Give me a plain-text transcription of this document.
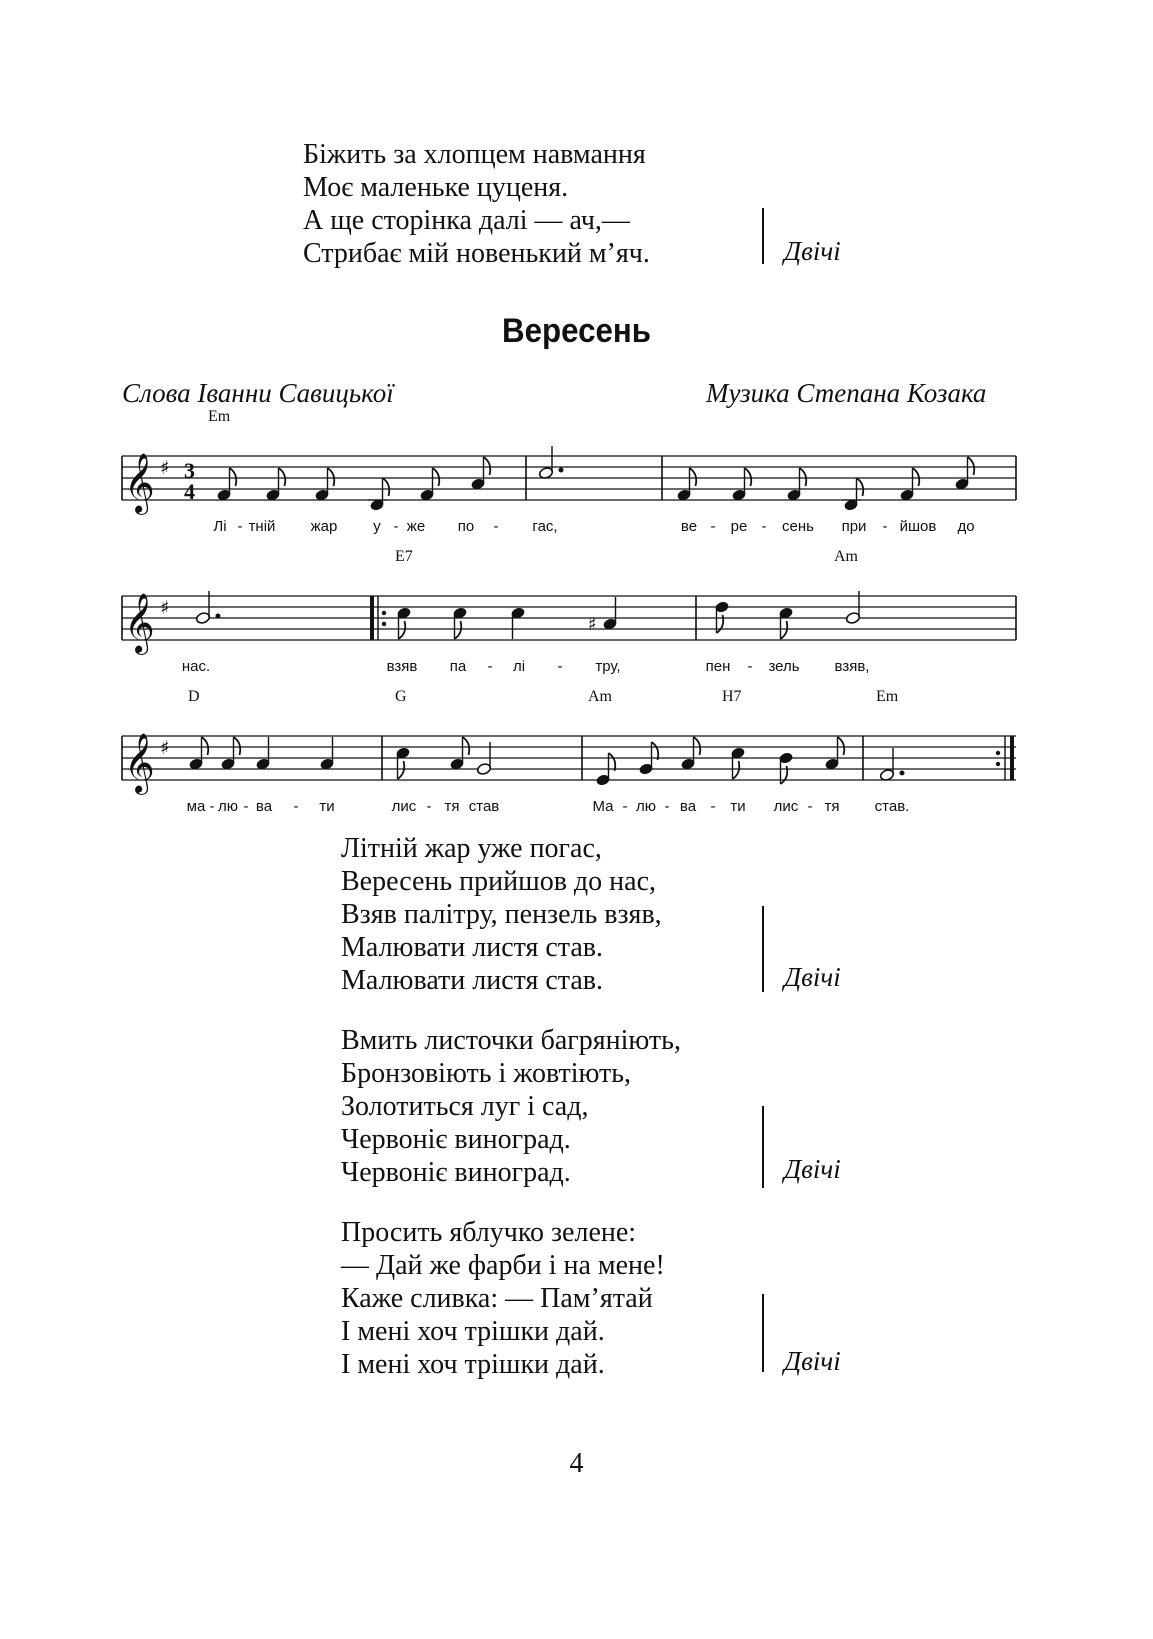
Біжить за хлопцем навмання
Моє маленьке цуценя.
А ще сторінка далі — ач,—
Стрибає мій новенький м’яч.	Двічі
Вересень
Слова Іванни Савицької	Музика Степана Козака
Em
𝄞 ♯ 3
4
Лі - тній жар у - же по - гас,	ве - ре - сень при - йшов до
E7	Am
𝄞 ♯
♯
нас.	взяв па - лі - тру,	пен - зель взяв,
D	G	Am	H7	Em
𝄞 ♯
ма - лю - ва - ти	лис - тя став	Ма - лю - ва - ти лис - тя став.
Літній жар уже погас,
Вересень прийшов до нас,
Взяв палітру, пензель взяв,
Малювати листя став.
Малювати листя став.	Двічі
Вмить листочки багряніють,
Бронзовіють і жовтіють,
Золотиться луг і сад,
Червоніє виноград.
Червоніє виноград.	Двічі
Просить яблучко зелене:
— Дай же фарби і на мене!
Каже сливка: — Пам’ятай
І мені хоч трішки дай.
І мені хоч трішки дай.	Двічі
4
